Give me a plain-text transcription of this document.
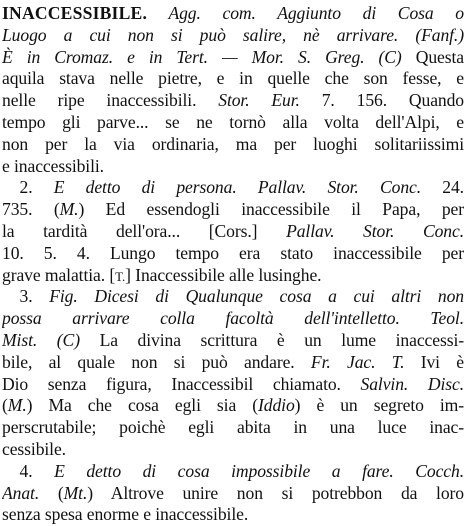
INACCESSIBILE. Agg. com. Aggiunto di Cosa o
Luogo a cui non si può salire, nè arrivare. (Fanf.)
È in Cromaz. e in Tert. — Mor. S. Greg. (C) Questa
aquila stava nelle pietre, e in quelle che son fesse, e
nelle ripe inaccessibili. Stor. Eur. 7. 156. Quando
tempo gli parve... se ne tornò alla volta dell'Alpi, e
non per la via ordinaria, ma per luoghi solitariissimi
e inaccessibili.
 2. E detto di persona. Pallav. Stor. Conc. 24.
735. (M.) Ed essendogli inaccessibile il Papa, per
la tardità dell'ora... [Cors.] Pallav. Stor. Conc.
10. 5. 4. Lungo tempo era stato inaccessibile per
grave malattia. [T.] Inaccessibile alle lusinghe.
 3. Fig. Dicesi di Qualunque cosa a cui altri non
possa arrivare colla facoltà dell'intelletto. Teol.
Mist. (C) La divina scrittura è un lume inaccessi-
bile, al quale non si può andare. Fr. Jac. T. Ivi è
Dio senza figura, Inaccessibil chiamato. Salvin. Disc.
(M.) Ma che cosa egli sia (Iddio) è un segreto im-
perscrutabile; poichè egli abita in una luce inac-
cessibile.
 4. E detto di cosa impossibile a fare. Cocch.
Anat. (Mt.) Altrove unire non si potrebbon da loro
senza spesa enorme e inaccessibile.
